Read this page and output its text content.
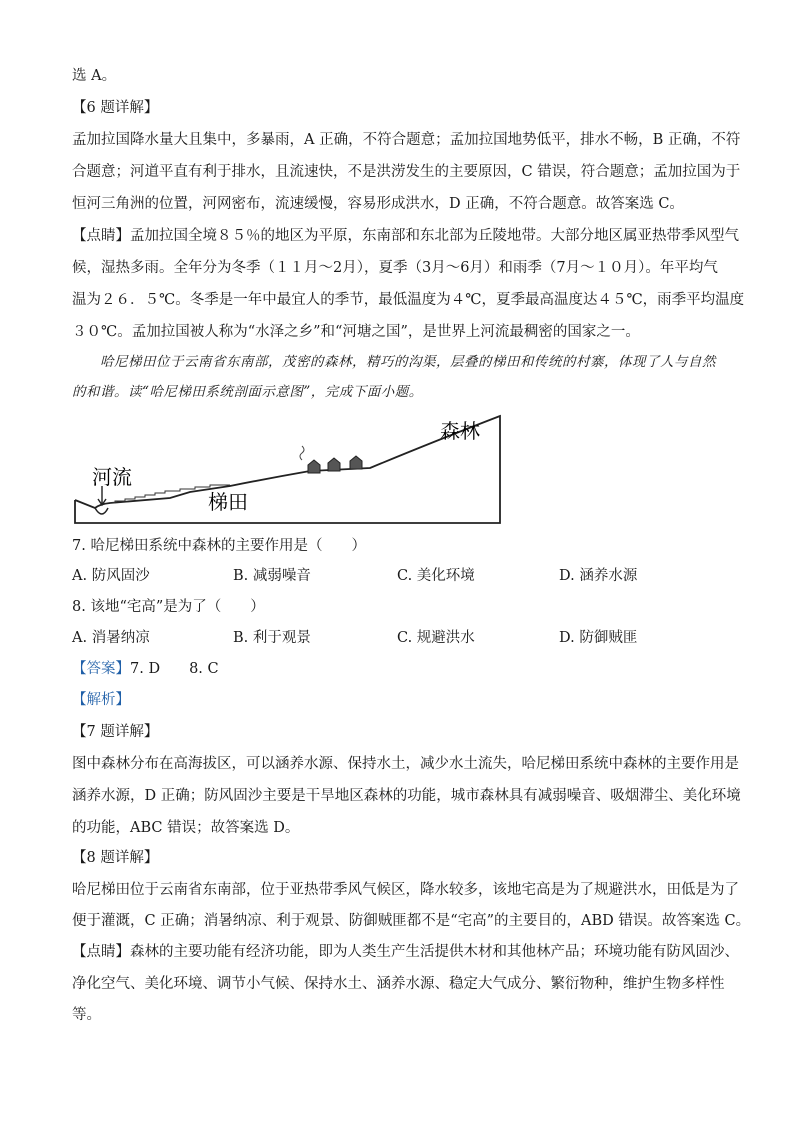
选 A。
【6 题详解】
孟加拉国降水量大且集中，多暴雨，A 正确，不符合题意；孟加拉国地势低平，排水不畅，B 正确，不符
合题意；河道平直有利于排水，且流速快，不是洪涝发生的主要原因，C 错误，符合题意；孟加拉国为于
恒河三角洲的位置，河网密布，流速缓慢，容易形成洪水，D 正确，不符合题意。故答案选 C。
【点睛】孟加拉国全境８５％的地区为平原，东南部和东北部为丘陵地带。大部分地区属亚热带季风型气
候，湿热多雨。全年分为冬季（１１月～2月），夏季（3月～6月）和雨季（7月～１０月）。年平均气
温为２６．５℃。冬季是一年中最宜人的季节，最低温度为４℃，夏季最高温度达４５℃，雨季平均温度
３０℃。孟加拉国被人称为“水泽之乡”和“河塘之国”，是世界上河流最稠密的国家之一。
哈尼梯田位于云南省东南部，茂密的森林，精巧的沟渠，层叠的梯田和传统的村寨，体现了人与自然
的和谐。读“哈尼梯田系统剖面示意图”，完成下面小题。
森林
河流
梯田
7. 哈尼梯田系统中森林的主要作用是（　　）
A. 防风固沙	B. 减弱噪音	C. 美化环境	D. 涵养水源
8. 该地“宅高”是为了（　　）
A. 消暑纳凉	B. 利于观景	C. 规避洪水	D. 防御贼匪
【答案】7. D　　8. C
【解析】
【7 题详解】
图中森林分布在高海拔区，可以涵养水源、保持水土，减少水土流失，哈尼梯田系统中森林的主要作用是
涵养水源，D 正确；防风固沙主要是干旱地区森林的功能，城市森林具有减弱噪音、吸烟滞尘、美化环境
的功能，ABC 错误；故答案选 D。
【8 题详解】
哈尼梯田位于云南省东南部，位于亚热带季风气候区，降水较多，该地宅高是为了规避洪水，田低是为了
便于灌溉，C 正确；消暑纳凉、利于观景、防御贼匪都不是“宅高”的主要目的，ABD 错误。故答案选 C。
【点睛】森林的主要功能有经济功能，即为人类生产生活提供木材和其他林产品；环境功能有防风固沙、
净化空气、美化环境、调节小气候、保持水土、涵养水源、稳定大气成分、繁衍物种，维护生物多样性
等。
